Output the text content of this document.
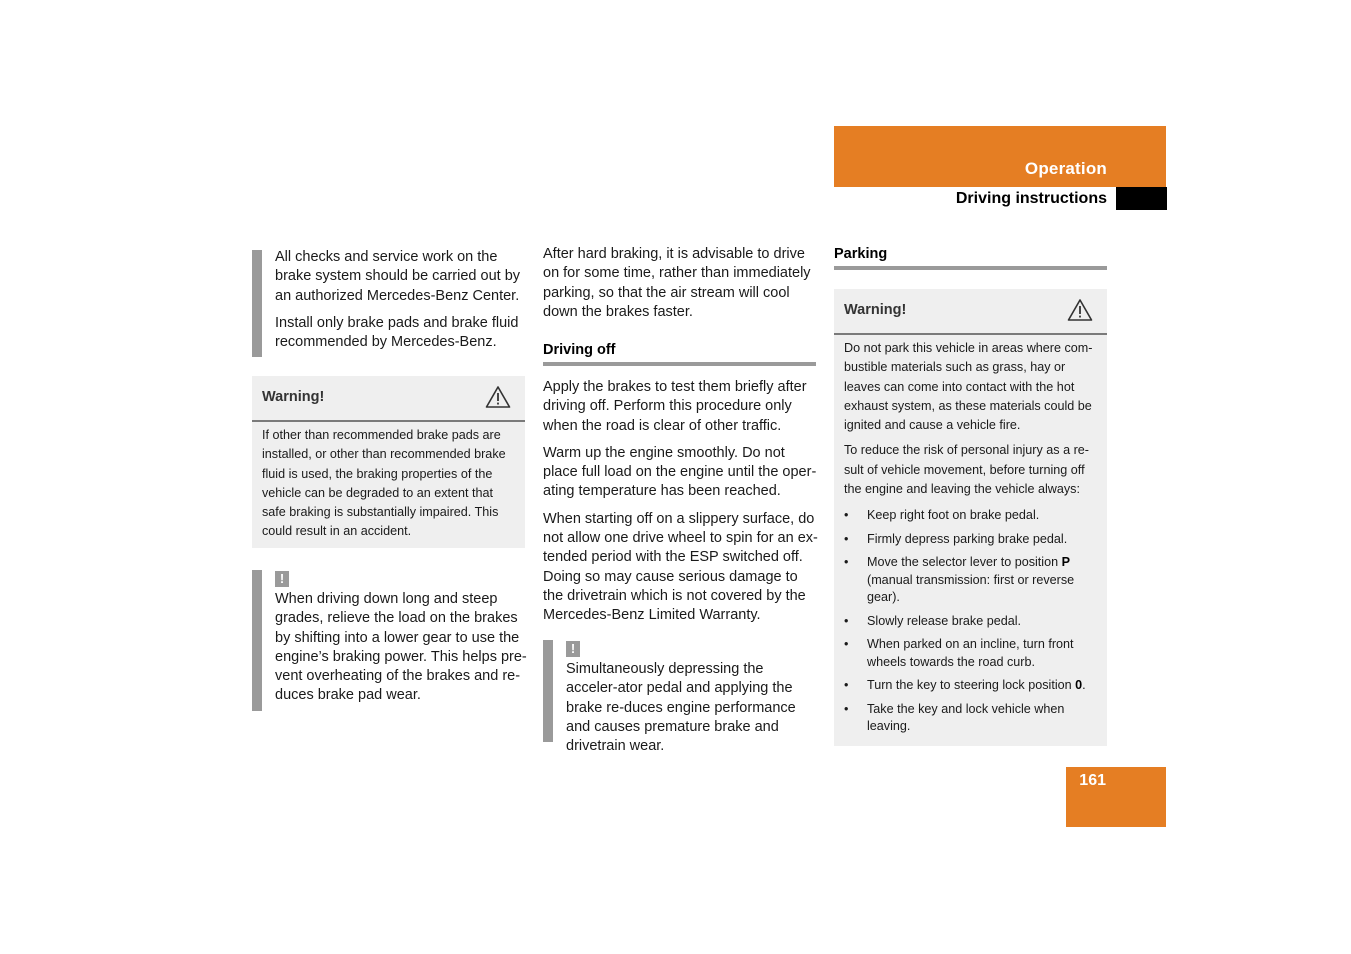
Operation
Driving instructions

All checks and service work on the brake system should be carried out by an authorized Mercedes-Benz Center.

Install only brake pads and brake fluid recommended by Mercedes-Benz.

Warning!
If other than recommended brake pads are installed, or other than recommended brake fluid is used, the braking properties of the vehicle can be degraded to an extent that safe braking is substantially impaired. This could result in an accident.
!
When driving down long and steep grades, relieve the load on the brakes by shifting into a lower gear to use the engine’s braking power. This helps pre-vent overheating of the brakes and re-duces brake pad wear.
After hard braking, it is advisable to drive on for some time, rather than immediately parking, so that the air stream will cool down the brakes faster.
Driving off

Apply the brakes to test them briefly after driving off. Perform this procedure only when the road is clear of other traffic.

Warm up the engine smoothly. Do not place full load on the engine until the oper-ating temperature has been reached.

When starting off on a slippery surface, do not allow one drive wheel to spin for an ex-tended period with the ESP switched off. Doing so may cause serious damage to the drivetrain which is not covered by the Mercedes-Benz Limited Warranty.

!
Simultaneously depressing the acceler-ator pedal and applying the brake re-duces engine performance and causes premature brake and drivetrain wear.
Parking
Warning!

Do not park this vehicle in areas where com-bustible materials such as grass, hay or leaves can come into contact with the hot exhaust system, as these materials could be ignited and cause a vehicle fire.

To reduce the risk of personal injury as a re-sult of vehicle movement, before turning off the engine and leaving the vehicle always:

• Keep right foot on brake pedal.
• Firmly depress parking brake pedal.
• Move the selector lever to position P
(manual transmission: first or reverse gear).
• Slowly release brake pedal.
• When parked on an incline, turn front wheels towards the road curb.
• Turn the key to steering lock position 0.
• Take the key and lock vehicle when leaving.
161
